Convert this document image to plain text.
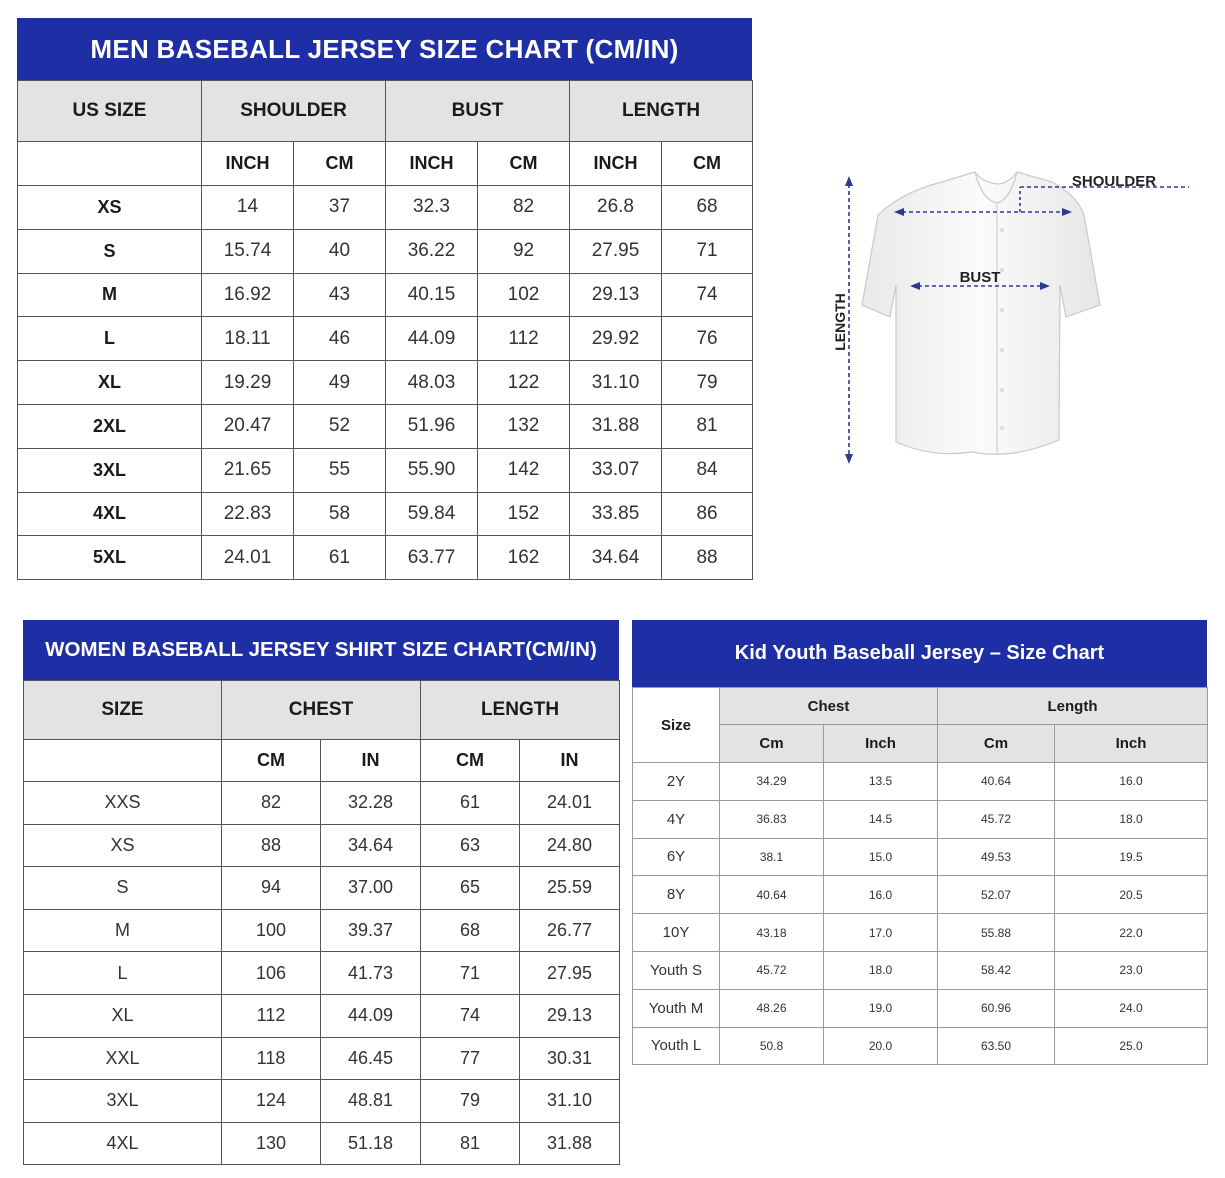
MEN BASEBALL JERSEY SIZE CHART (CM/IN)
US SIZE	SHOULDER		BUST		LENGTH	
	INCH	CM	INCH	CM	INCH	CM
XS	14	37	32.3	82	26.8	68
S	15.74	40	36.22	92	27.95	71
M	16.92	43	40.15	102	29.13	74
L	18.11	46	44.09	112	29.92	76
XL	19.29	49	48.03	122	31.10	79
2XL	20.47	52	51.96	132	31.88	81
3XL	21.65	55	55.90	142	33.07	84
4XL	22.83	58	59.84	152	33.85	86
5XL	24.01	61	63.77	162	34.64	88
LENGTH
SHOULDER
BUST
WOMEN BASEBALL JERSEY SHIRT SIZE CHART(CM/IN)
SIZE	CHEST		LENGTH	
	CM	IN	CM	IN
XXS	82	32.28	61	24.01
XS	88	34.64	63	24.80
S	94	37.00	65	25.59
M	100	39.37	68	26.77
L	106	41.73	71	27.95
XL	112	44.09	74	29.13
XXL	118	46.45	77	30.31
3XL	124	48.81	79	31.10
4XL	130	51.18	81	31.88
Kid Youth Baseball Jersey – Size Chart
Size	Chest		Length	
	Cm	Inch	Cm	Inch
2Y	34.29	13.5	40.64	16.0
4Y	36.83	14.5	45.72	18.0
6Y	38.1	15.0	49.53	19.5
8Y	40.64	16.0	52.07	20.5
10Y	43.18	17.0	55.88	22.0
Youth S	45.72	18.0	58.42	23.0
Youth M	48.26	19.0	60.96	24.0
Youth L	50.8	20.0	63.50	25.0
